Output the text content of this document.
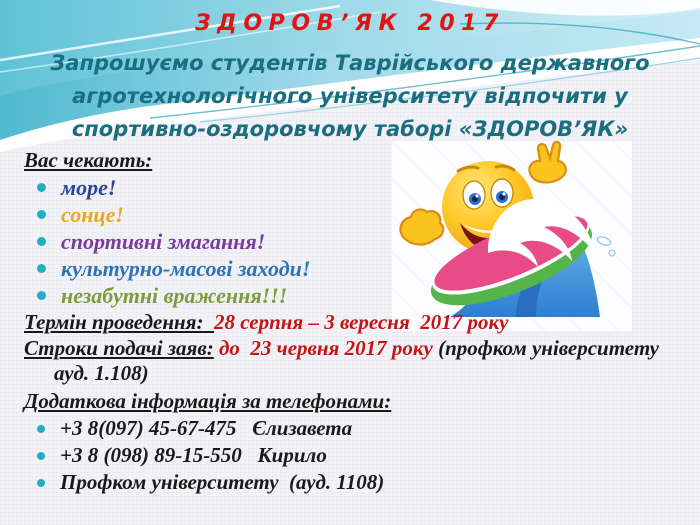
ЗДОРОВ’ЯК 2017
Запрошуємо студентів Таврійського державного
агротехнологічного університету відпочити у
спортивно-оздоровчому таборі «ЗДОРОВ’ЯК»
Вас чекають:
море!
сонце!
спортивні змагання!
культурно-масові заходи!
незабутні враження!!!
Термін проведення:  28 серпня – 3 вересня  2017 року
Строки подачі заяв: до  23 червня 2017 року (профком університету  ауд. 1.108)
Додаткова інформація за телефонами:
+3 8(097) 45-67-475   Єлизавета
+3 8 (098) 89-15-550   Кирило
Профком університету  (ауд. 1108)
